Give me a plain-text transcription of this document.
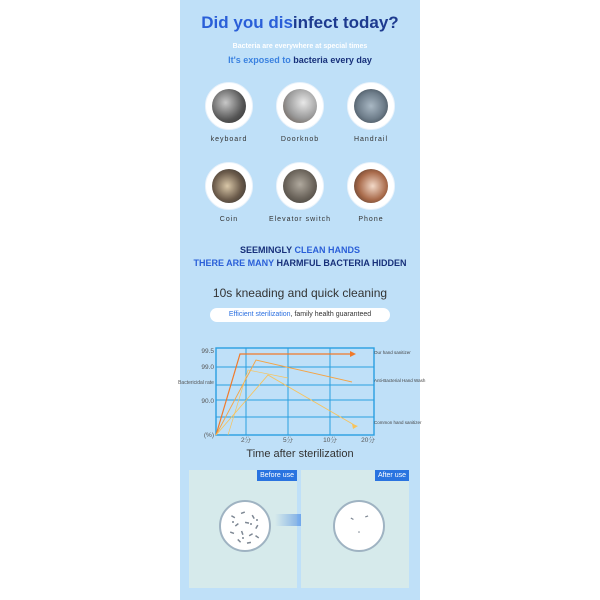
Did you disinfect today?
Bacteria are everywhere at special times
It's exposed to bacteria every day
keyboard	Doorknob	Handrail
Coin	Elevator switch	Phone
SEEMINGLY CLEAN HANDS
THERE ARE MANY HARMFUL BACTERIA HIDDEN
10s kneading and quick cleaning
Efficient sterilization, family health guaranteed
99.5
99.0
90.0
(%)
Bactericidal rate
2分	5分	10分	20分
Our hand sanitizer
Anti-Bacterial Hand Wash
Common hand sanitizer
Time after sterilization
Before use	After use
